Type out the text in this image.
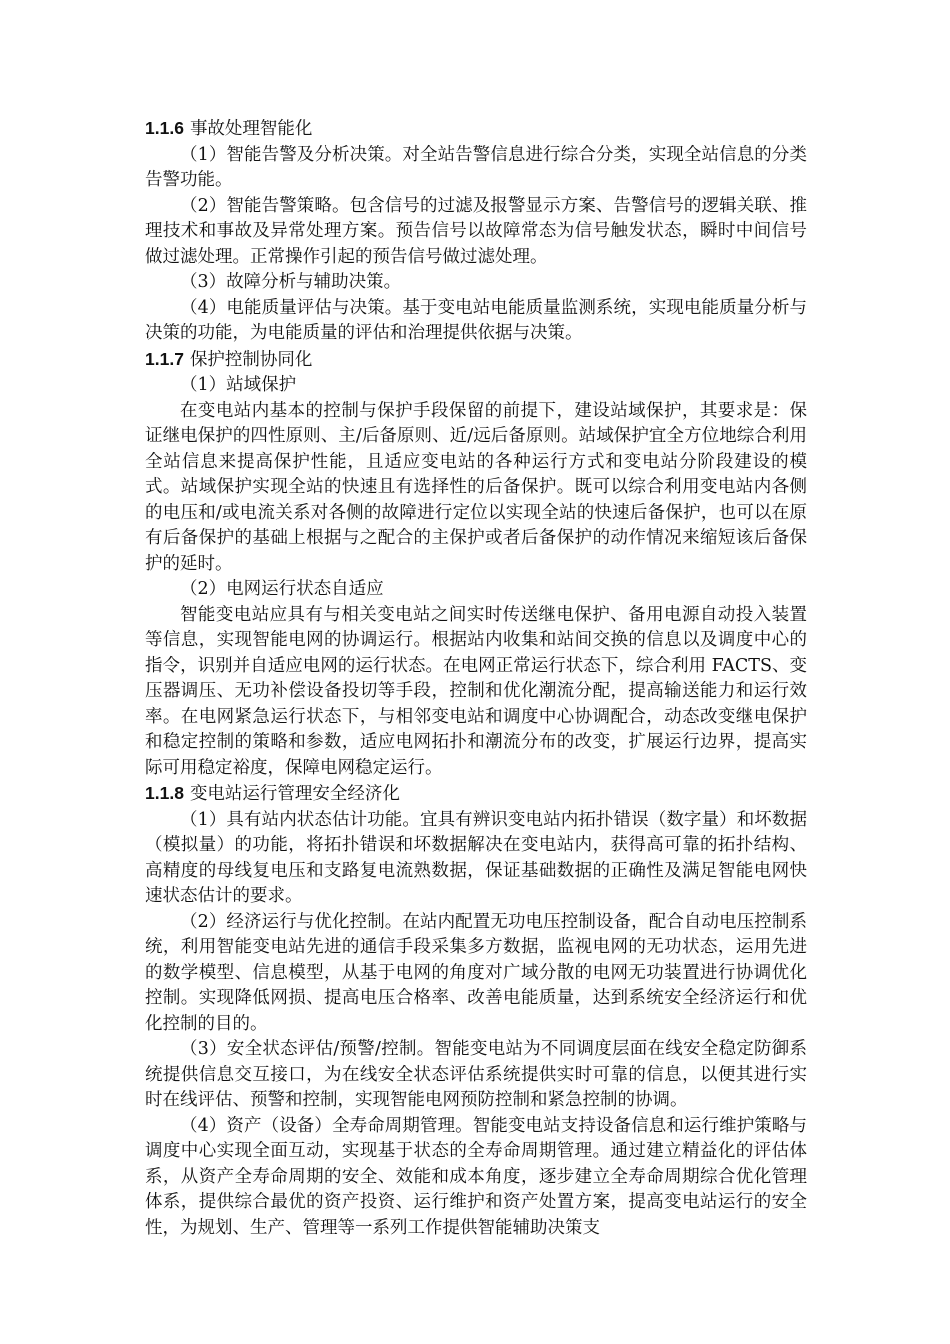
1.1.6 事故处理智能化

（1）智能告警及分析决策。对全站告警信息进行综合分类，实现全站信息的分类告警功能。

（2）智能告警策略。包含信号的过滤及报警显示方案、告警信号的逻辑关联、推理技术和事故及异常处理方案。预告信号以故障常态为信号触发状态，瞬时中间信号做过滤处理。正常操作引起的预告信号做过滤处理。

（3）故障分析与辅助决策。

（4）电能质量评估与决策。基于变电站电能质量监测系统，实现电能质量分析与决策的功能，为电能质量的评估和治理提供依据与决策。

1.1.7 保护控制协同化

（1）站域保护

在变电站内基本的控制与保护手段保留的前提下，建设站域保护，其要求是：保证继电保护的四性原则、主/后备原则、近/远后备原则。站域保护宜全方位地综合利用全站信息来提高保护性能，且适应变电站的各种运行方式和变电站分阶段建设的模式。站域保护实现全站的快速且有选择性的后备保护。既可以综合利用变电站内各侧的电压和/或电流关系对各侧的故障进行定位以实现全站的快速后备保护，也可以在原有后备保护的基础上根据与之配合的主保护或者后备保护的动作情况来缩短该后备保护的延时。

（2）电网运行状态自适应

智能变电站应具有与相关变电站之间实时传送继电保护、备用电源自动投入装置等信息，实现智能电网的协调运行。根据站内收集和站间交换的信息以及调度中心的指令，识别并自适应电网的运行状态。在电网正常运行状态下，综合利用 FACTS、变压器调压、无功补偿设备投切等手段，控制和优化潮流分配，提高输送能力和运行效率。在电网紧急运行状态下，与相邻变电站和调度中心协调配合，动态改变继电保护和稳定控制的策略和参数，适应电网拓扑和潮流分布的改变，扩展运行边界，提高实际可用稳定裕度，保障电网稳定运行。

1.1.8 变电站运行管理安全经济化

（1）具有站内状态估计功能。宜具有辨识变电站内拓扑错误（数字量）和坏数据（模拟量）的功能，将拓扑错误和坏数据解决在变电站内，获得高可靠的拓扑结构、高精度的母线复电压和支路复电流熟数据，保证基础数据的正确性及满足智能电网快速状态估计的要求。

（2）经济运行与优化控制。在站内配置无功电压控制设备，配合自动电压控制系统，利用智能变电站先进的通信手段采集多方数据，监视电网的无功状态，运用先进的数学模型、信息模型，从基于电网的角度对广域分散的电网无功装置进行协调优化控制。实现降低网损、提高电压合格率、改善电能质量，达到系统安全经济运行和优化控制的目的。

（3）安全状态评估/预警/控制。智能变电站为不同调度层面在线安全稳定防御系统提供信息交互接口，为在线安全状态评估系统提供实时可靠的信息，以便其进行实时在线评估、预警和控制，实现智能电网预防控制和紧急控制的协调。

（4）资产（设备）全寿命周期管理。智能变电站支持设备信息和运行维护策略与调度中心实现全面互动，实现基于状态的全寿命周期管理。通过建立精益化的评估体系，从资产全寿命周期的安全、效能和成本角度，逐步建立全寿命周期综合优化管理体系，提供综合最优的资产投资、运行维护和资产处置方案，提高变电站运行的安全性，为规划、生产、管理等一系列工作提供智能辅助决策支
